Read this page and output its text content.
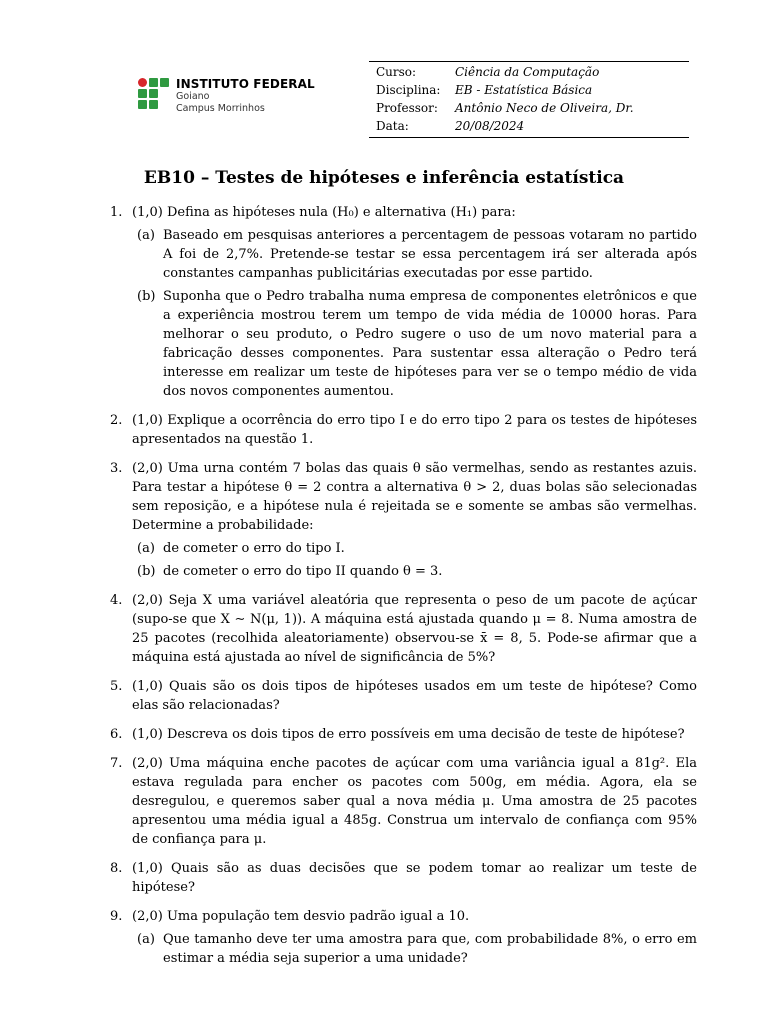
INSTITUTO FEDERAL
Goiano
Campus Morrinhos
Curso:	Ciência da Computação
Disciplina:	EB - Estatística Básica
Professor:	Antônio Neco de Oliveira, Dr.
Data:	20/08/2024
EB10 – Testes de hipóteses e inferência estatística
1. (1,0) Defina as hipóteses nula (H₀) e alternativa (H₁) para:
(a) Baseado em pesquisas anteriores a percentagem de pessoas votaram no partido A foi de 2,7%. Pretende-se testar se essa percentagem irá ser alterada após constantes campanhas publicitárias executadas por esse partido.
(b) Suponha que o Pedro trabalha numa empresa de componentes eletrônicos e que a experiência mostrou terem um tempo de vida média de 10000 horas. Para melhorar o seu produto, o Pedro sugere o uso de um novo material para a fabricação desses componentes. Para sustentar essa alteração o Pedro terá interesse em realizar um teste de hipóteses para ver se o tempo médio de vida dos novos componentes aumentou.
2. (1,0) Explique a ocorrência do erro tipo I e do erro tipo 2 para os testes de hipóteses apresentados na questão 1.
3. (2,0) Uma urna contém 7 bolas das quais θ são vermelhas, sendo as restantes azuis. Para testar a hipótese θ = 2 contra a alternativa θ > 2, duas bolas são selecionadas sem reposição, e a hipótese nula é rejeitada se e somente se ambas são vermelhas. Determine a probabilidade:
(a) de cometer o erro do tipo I.
(b) de cometer o erro do tipo II quando θ = 3.
4. (2,0) Seja X uma variável aleatória que representa o peso de um pacote de açúcar (supo-se que X ∼ N(μ, 1)). A máquina está ajustada quando μ = 8. Numa amostra de 25 pacotes (recolhida aleatoriamente) observou-se x̄ = 8, 5. Pode-se afirmar que a máquina está ajustada ao nível de significância de 5%?
5. (1,0) Quais são os dois tipos de hipóteses usados em um teste de hipótese? Como elas são relacionadas?
6. (1,0) Descreva os dois tipos de erro possíveis em uma decisão de teste de hipótese?
7. (2,0) Uma máquina enche pacotes de açúcar com uma variância igual a 81g². Ela estava regulada para encher os pacotes com 500g, em média. Agora, ela se desregulou, e queremos saber qual a nova média μ. Uma amostra de 25 pacotes apresentou uma média igual a 485g. Construa um intervalo de confiança com 95% de confiança para μ.
8. (1,0) Quais são as duas decisões que se podem tomar ao realizar um teste de hipótese?
9. (2,0) Uma população tem desvio padrão igual a 10.
(a) Que tamanho deve ter uma amostra para que, com probabilidade 8%, o erro em estimar a média seja superior a uma unidade?
